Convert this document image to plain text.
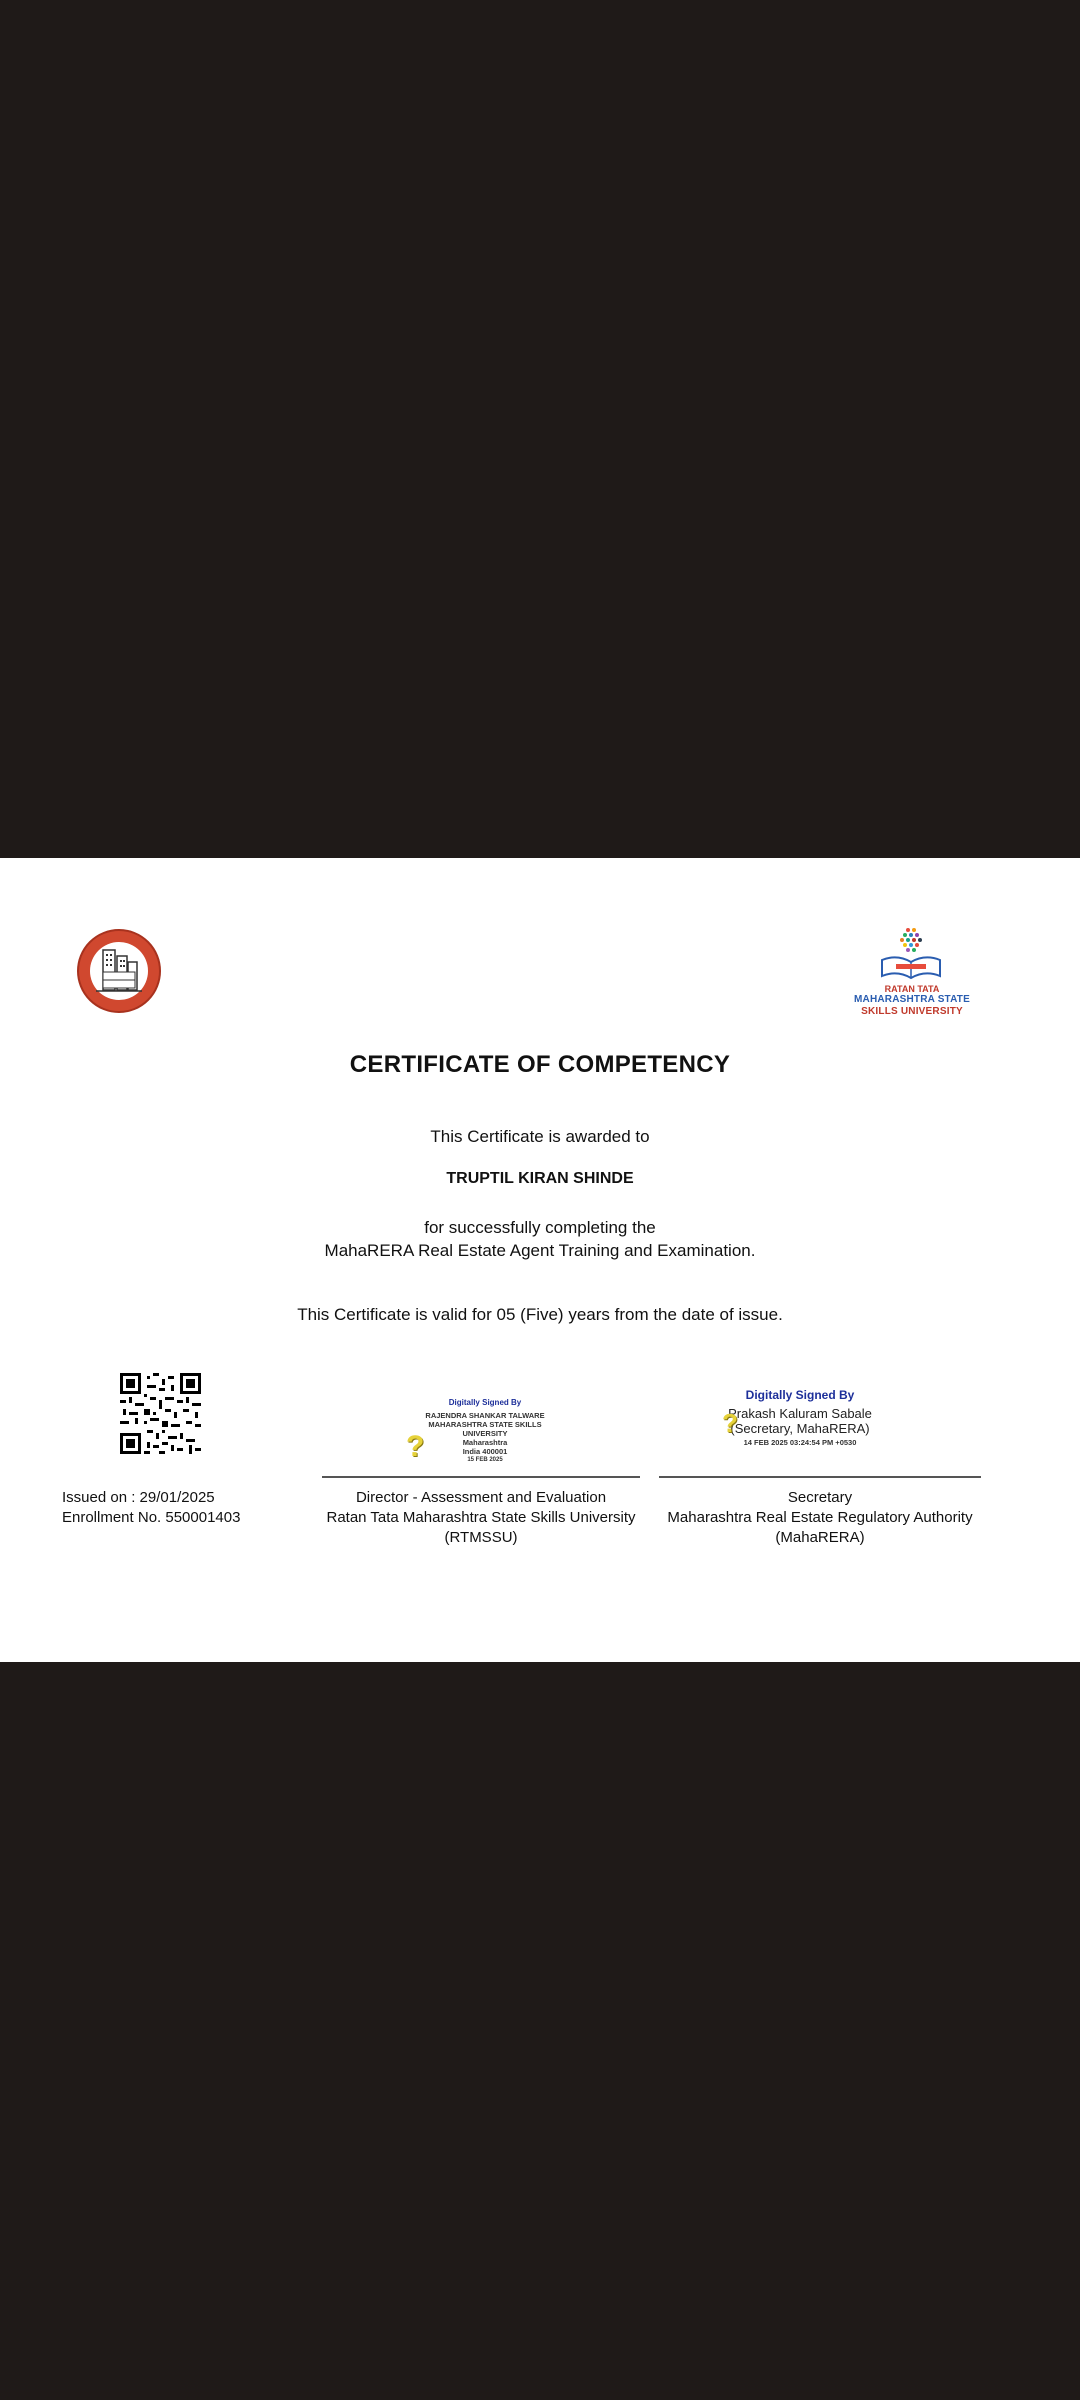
RATAN TATA
MAHARASHTRA STATE
SKILLS UNIVERSITY
CERTIFICATE OF COMPETENCY
This Certificate is awarded to
TRUPTIL KIRAN SHINDE
for successfully completing the
MahaRERA Real Estate Agent Training and Examination.
This Certificate is valid for 05 (Five) years from the date of issue.
Digitally Signed By
RAJENDRA SHANKAR TALWARE
MAHARASHTRA STATE SKILLS
UNIVERSITY
Maharashtra
India 400001
15 FEB 2025
?
Digitally Signed By
Prakash Kaluram Sabale
(Secretary, MahaRERA)
14 FEB 2025 03:24:54 PM +0530
?
Issued on : 29/01/2025
Enrollment No. 550001403
Director - Assessment and Evaluation
Ratan Tata Maharashtra State Skills University
(RTMSSU)
Secretary
Maharashtra Real Estate Regulatory Authority
(MahaRERA)
